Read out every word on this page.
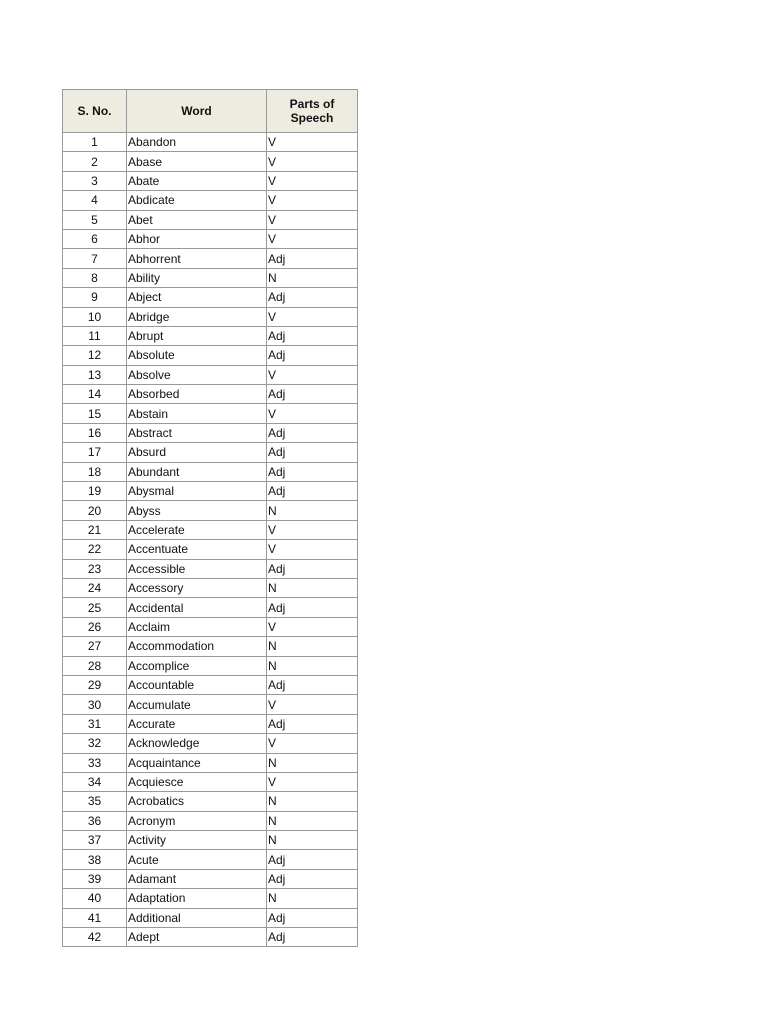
S. No.	Word	Parts of
Speech
1	Abandon	V
2	Abase	V
3	Abate	V
4	Abdicate	V
5	Abet	V
6	Abhor	V
7	Abhorrent	Adj
8	Ability	N
9	Abject	Adj
10	Abridge	V
11	Abrupt	Adj
12	Absolute	Adj
13	Absolve	V
14	Absorbed	Adj
15	Abstain	V
16	Abstract	Adj
17	Absurd	Adj
18	Abundant	Adj
19	Abysmal	Adj
20	Abyss	N
21	Accelerate	V
22	Accentuate	V
23	Accessible	Adj
24	Accessory	N
25	Accidental	Adj
26	Acclaim	V
27	Accommodation	N
28	Accomplice	N
29	Accountable	Adj
30	Accumulate	V
31	Accurate	Adj
32	Acknowledge	V
33	Acquaintance	N
34	Acquiesce	V
35	Acrobatics	N
36	Acronym	N
37	Activity	N
38	Acute	Adj
39	Adamant	Adj
40	Adaptation	N
41	Additional	Adj
42	Adept	Adj
